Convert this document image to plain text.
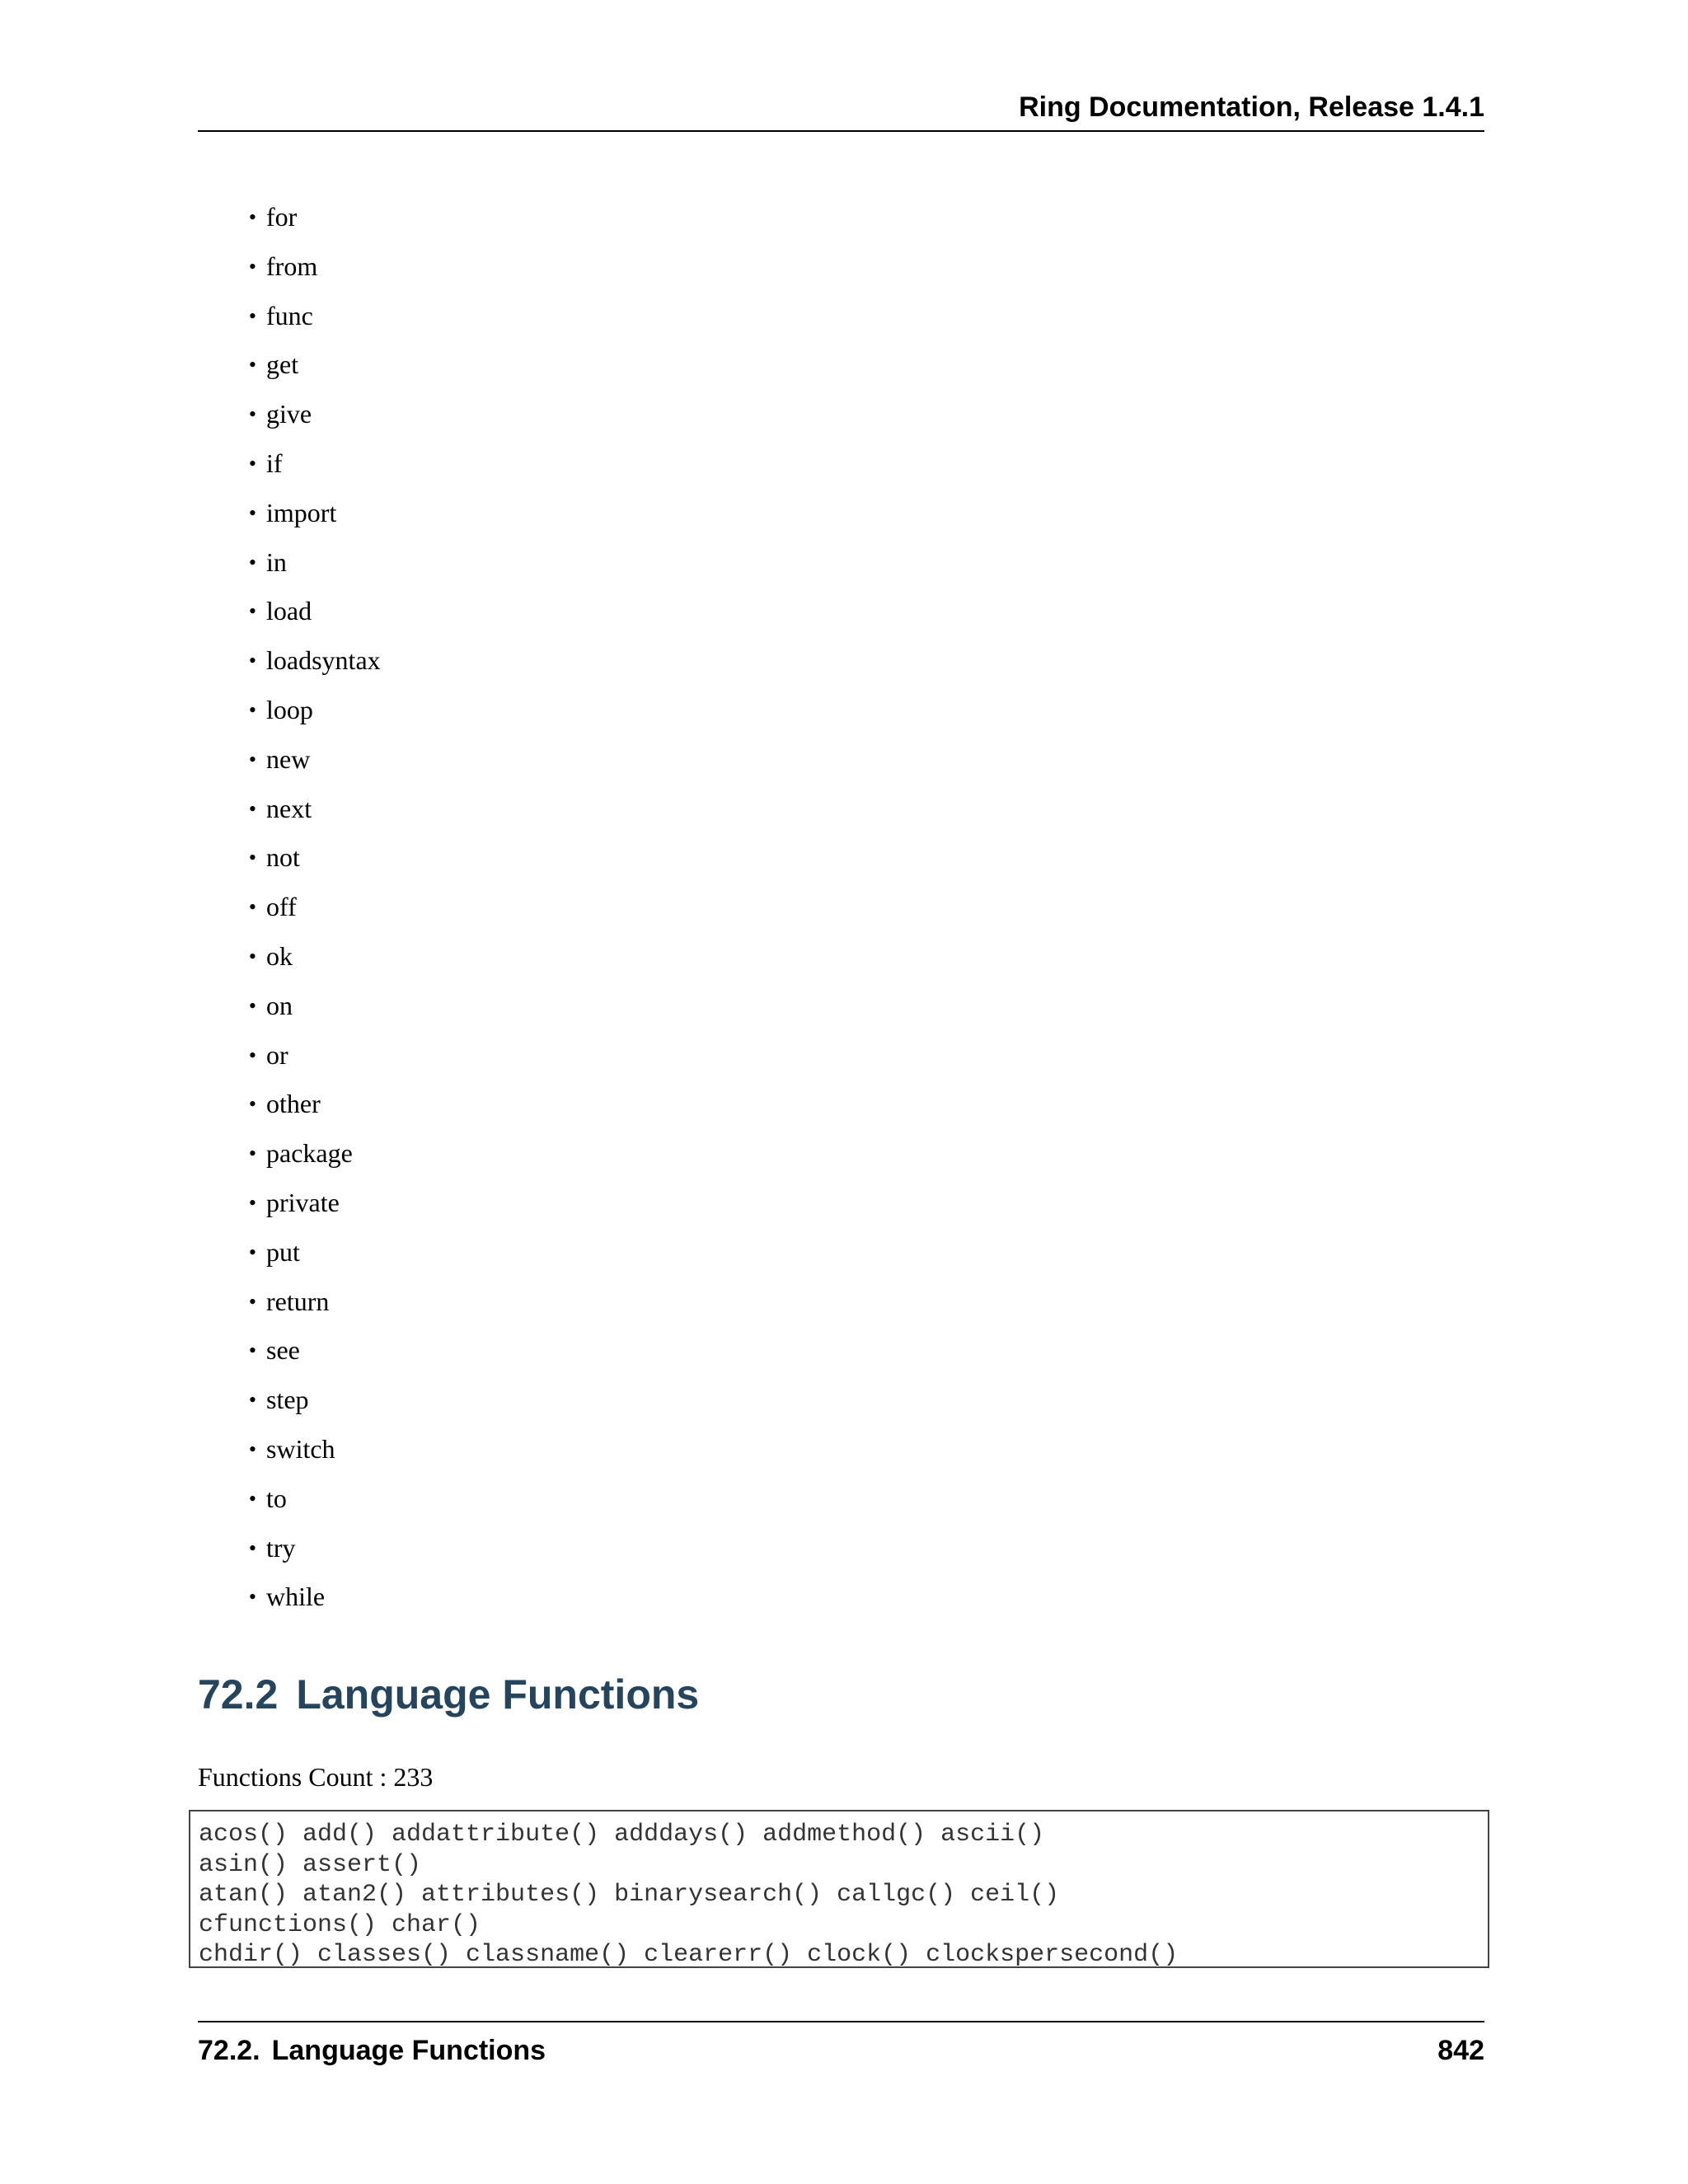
Ring Documentation, Release 1.4.1
• for
• from
• func
• get
• give
• if
• import
• in
• load
• loadsyntax
• loop
• new
• next
• not
• off
• ok
• on
• or
• other
• package
• private
• put
• return
• see
• step
• switch
• to
• try
• while
72.2 Language Functions
Functions Count : 233
acos() add() addattribute() adddays() addmethod() ascii()
asin() assert()
atan() atan2() attributes() binarysearch() callgc() ceil()
cfunctions() char()
chdir() classes() classname() clearerr() clock() clockspersecond()
72.2. Language Functions	842
